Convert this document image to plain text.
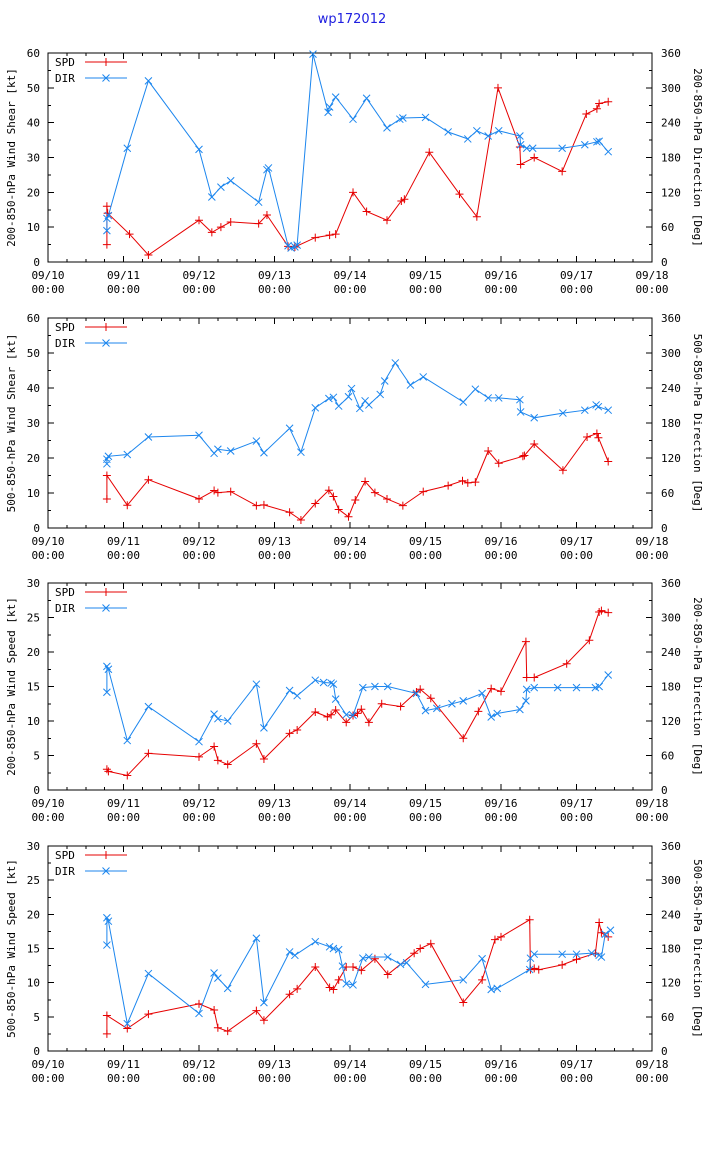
wp172012
0
10
20
30
40
50
60
0
60
120
180
240
300
360
09/10
00:00
09/11
00:00
09/12
00:00
09/13
00:00
09/14
00:00
09/15
00:00
09/16
00:00
09/17
00:00
09/18
00:00
200-850-hPa Wind Shear [kt]	200-850-hPa Direction [Deg]
SPD
DIR
0
10
20
30
40
50
60
0
60
120
180
240
300
360
09/10
00:00
09/11
00:00
09/12
00:00
09/13
00:00
09/14
00:00
09/15
00:00
09/16
00:00
09/17
00:00
09/18
00:00
500-850-hPa Wind Shear [kt]	500-850-hPa Direction [Deg]
SPD
DIR
0
5
10
15
20
25
30
0
60
120
180
240
300
360
09/10
00:00
09/11
00:00
09/12
00:00
09/13
00:00
09/14
00:00
09/15
00:00
09/16
00:00
09/17
00:00
09/18
00:00
200-850-hPa Wind Speed [kt]	200-850-hPa Direction [Deg]
SPD
DIR
0
5
10
15
20
25
30
0
60
120
180
240
300
360
09/10
00:00
09/11
00:00
09/12
00:00
09/13
00:00
09/14
00:00
09/15
00:00
09/16
00:00
09/17
00:00
09/18
00:00
500-850-hPa Wind Speed [kt]	500-850-hPa Direction [Deg]
SPD
DIR
